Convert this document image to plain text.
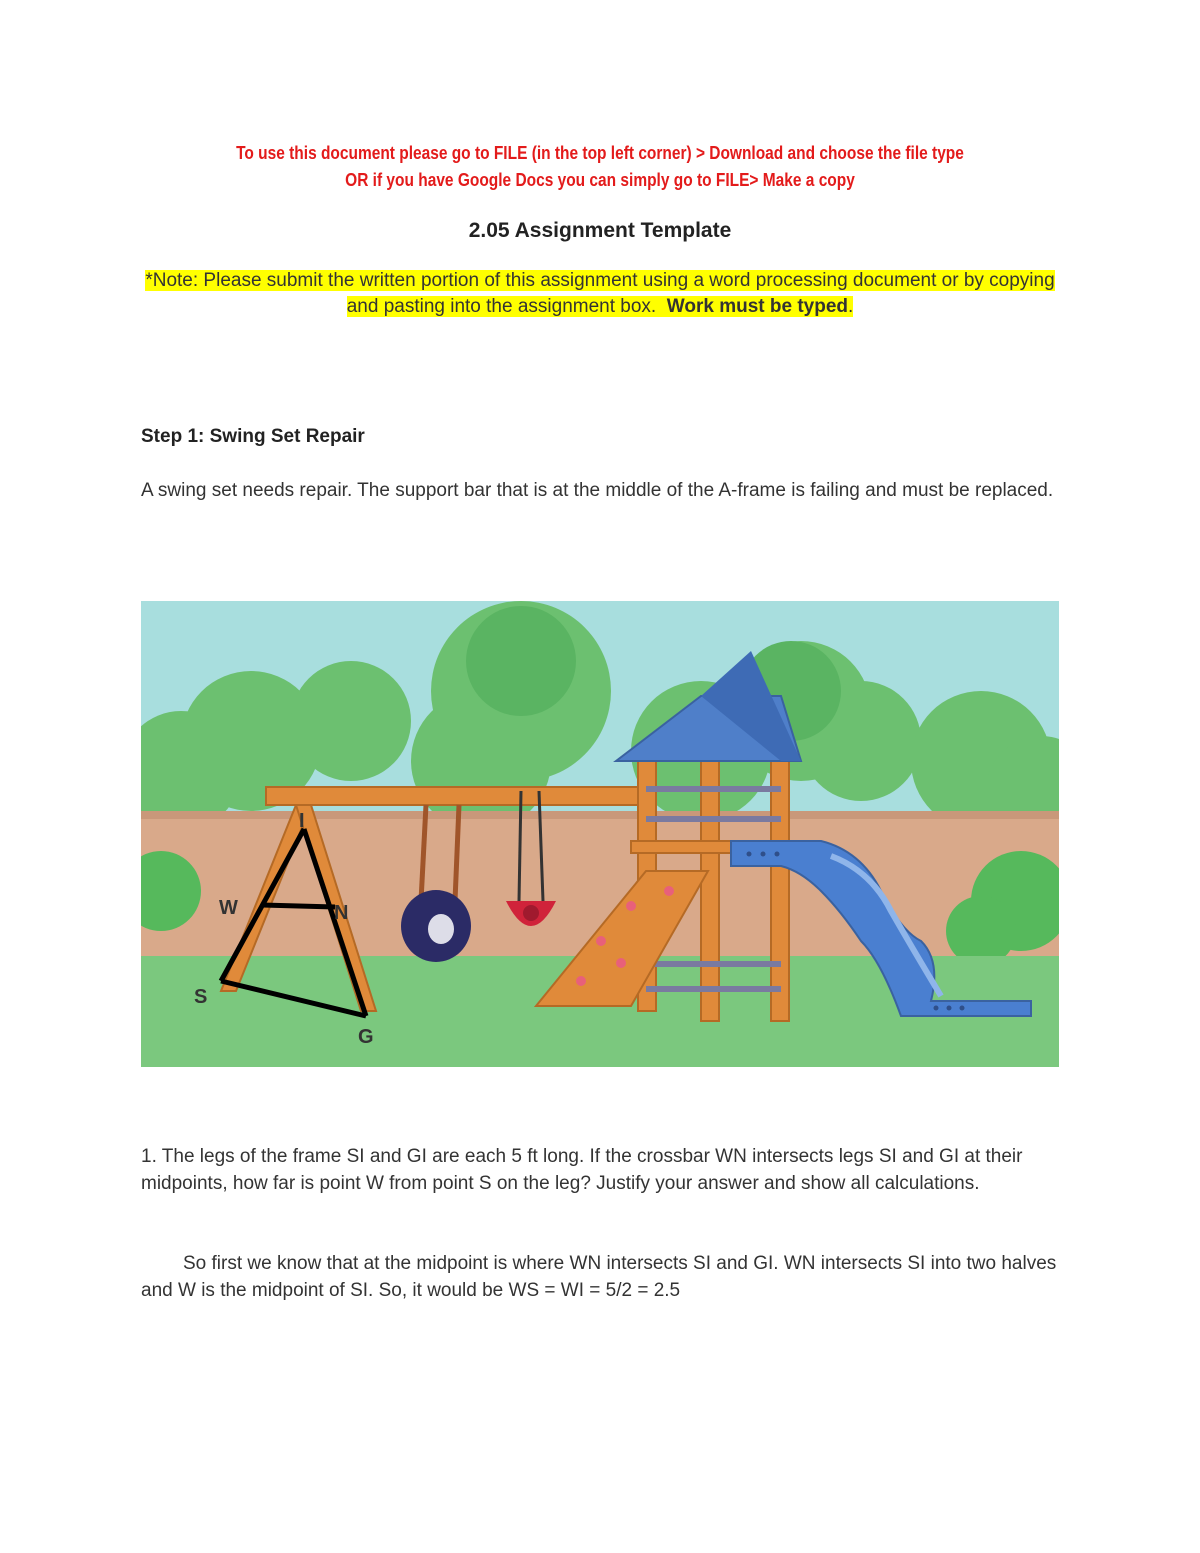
To use this document please go to FILE (in the top left corner) > Download and choose the file type
OR if you have Google Docs you can simply go to FILE> Make a copy
2.05 Assignment Template
*Note: Please submit the written portion of this assignment using a word processing document or by copying and pasting into the assignment box. Work must be typed.
Step 1: Swing Set Repair
A swing set needs repair. The support bar that is at the middle of the A-frame is failing and must be replaced.
I
W	N
S
G
1. The legs of the frame SI and GI are each 5 ft long. If the crossbar WN intersects legs SI and GI at their midpoints, how far is point W from point S on the leg? Justify your answer and show all calculations.
So first we know that at the midpoint is where WN intersects SI and GI. WN intersects SI into two halves and W is the midpoint of SI. So, it would be WS = WI = 5/2 = 2.5
